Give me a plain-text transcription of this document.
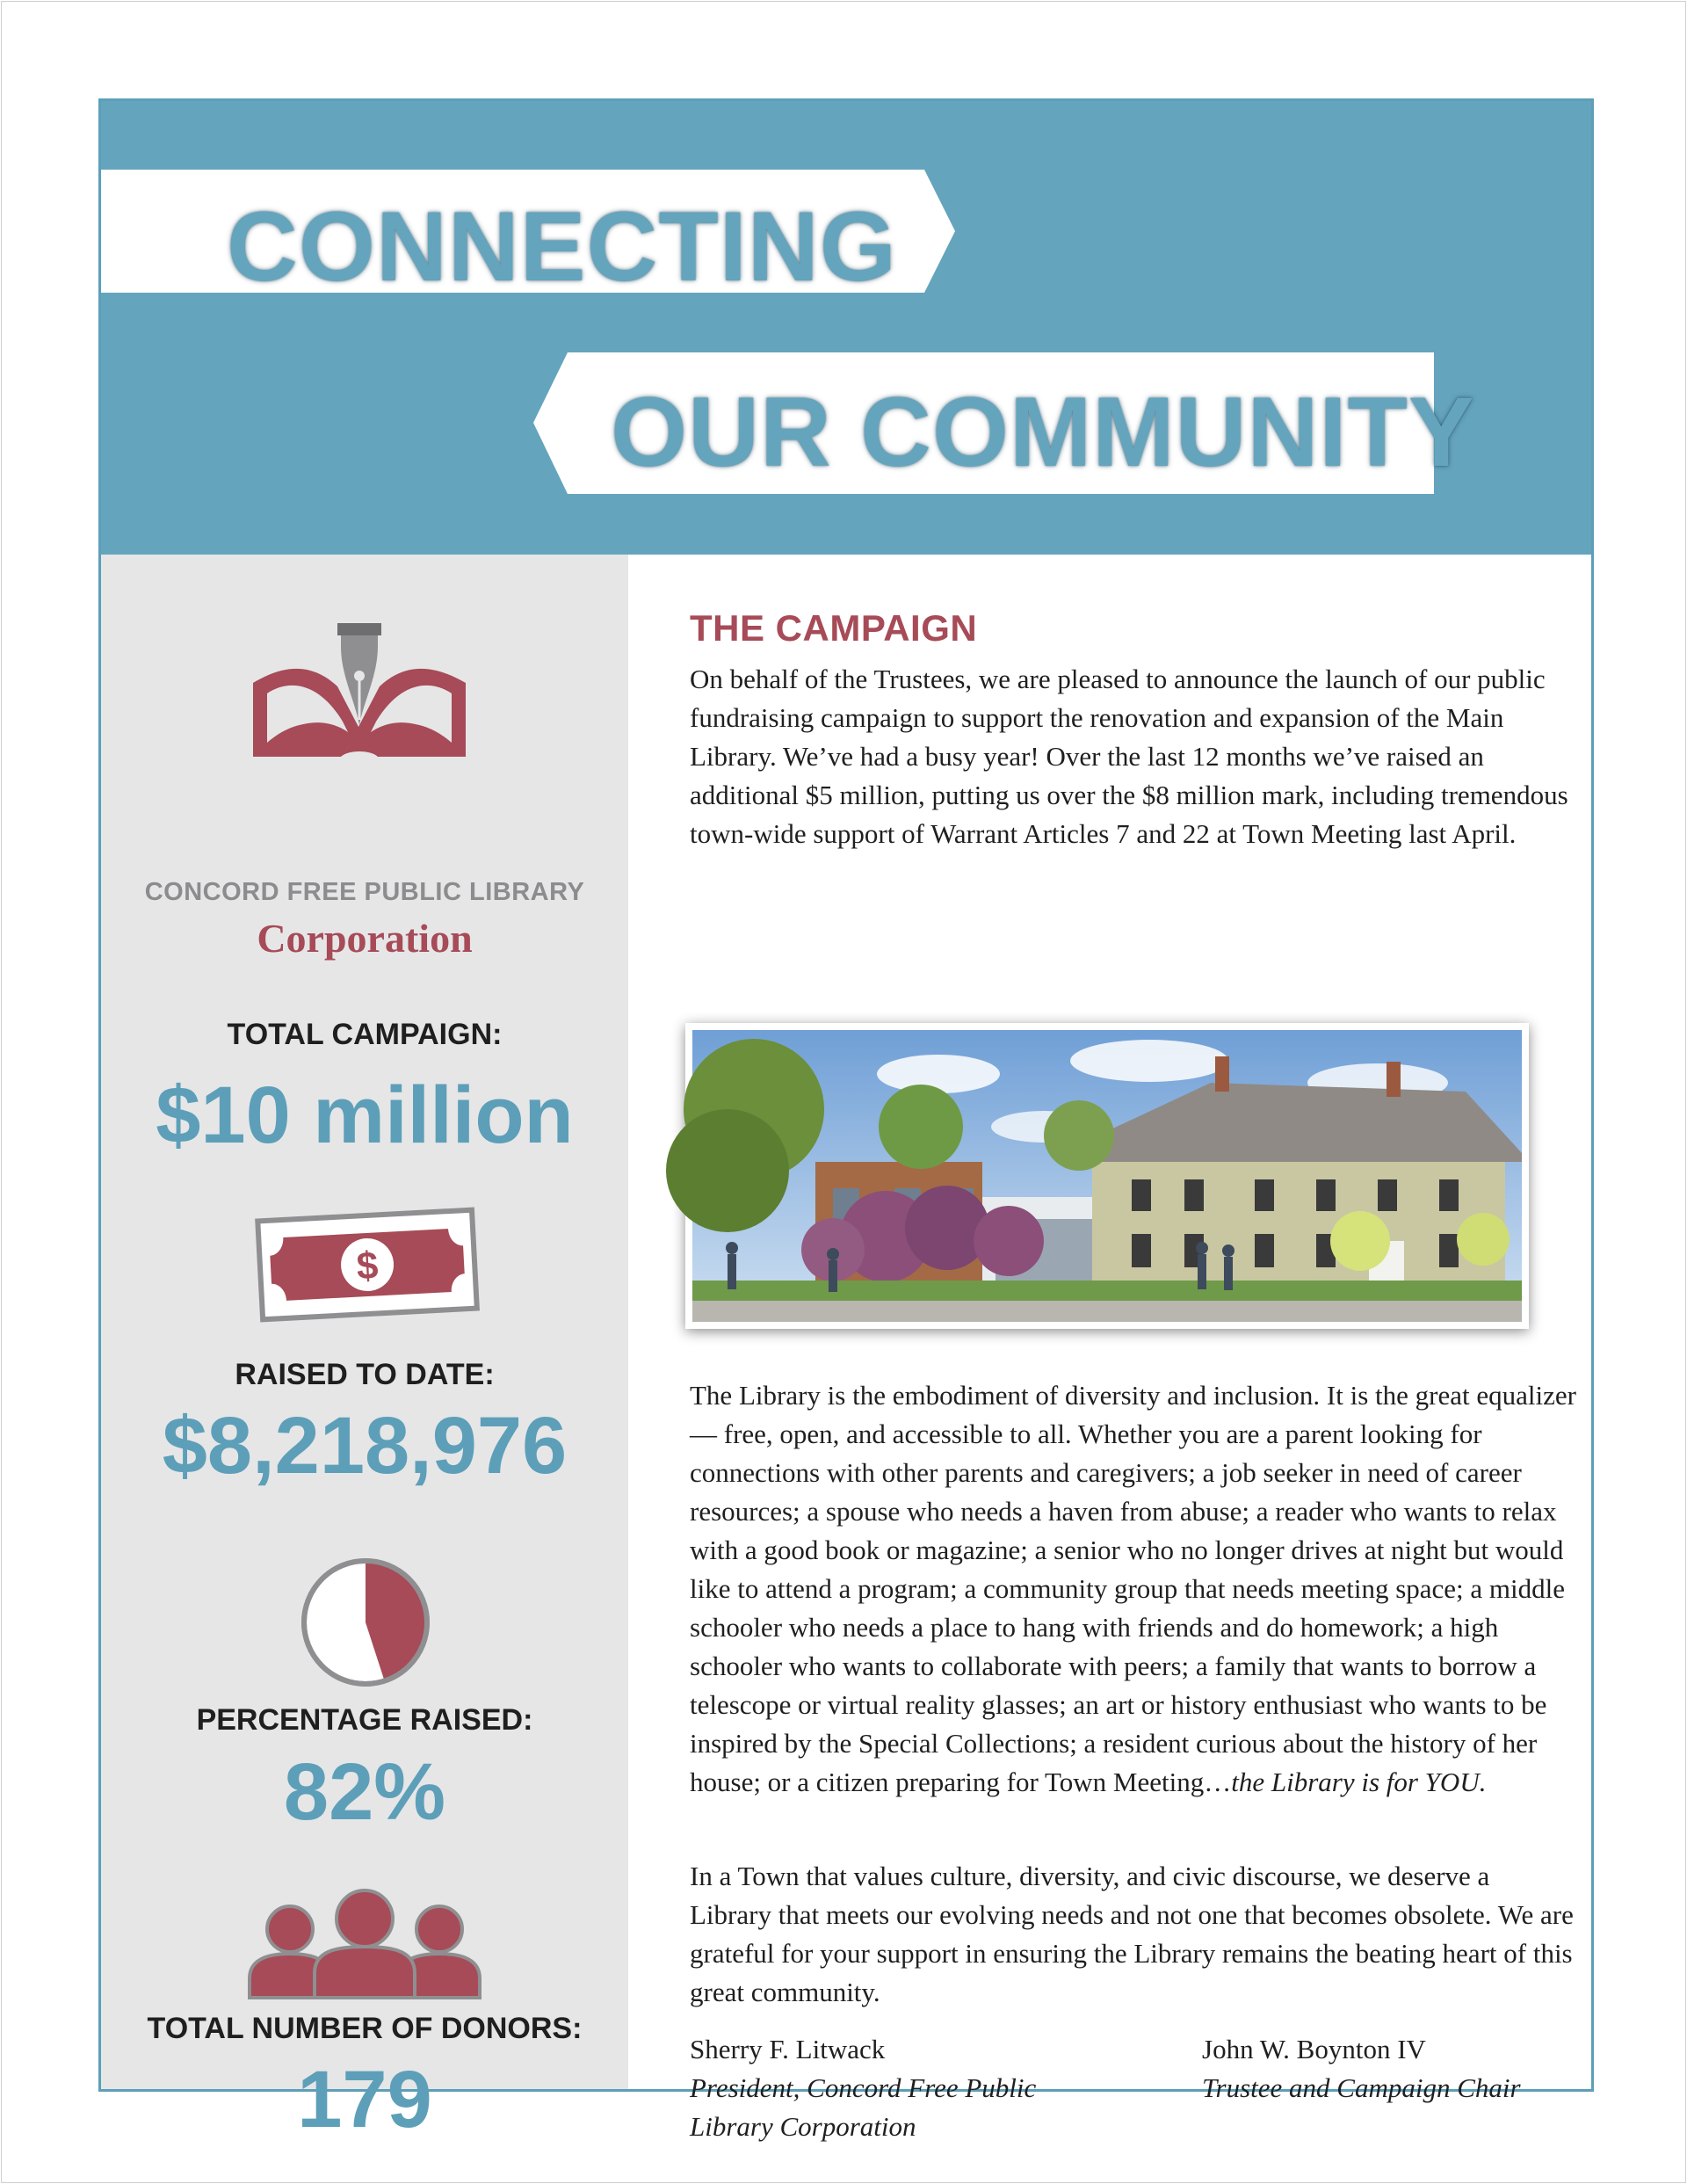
CONNECTING
OUR COMMUNITY
CONCORD FREE PUBLIC LIBRARY
Corporation
TOTAL CAMPAIGN:
$10 million
$
RAISED TO DATE:
$8,218,976
PERCENTAGE RAISED:
82%
TOTAL NUMBER OF DONORS:
179
THE CAMPAIGN

On behalf of the Trustees, we are pleased to announce the launch of our public fundraising campaign to support the renovation and expansion of the Main Library. We’ve had a busy year! Over the last 12 months we’ve raised an additional $5 million, putting us over the $8 million mark, including tremendous town-wide support of Warrant Articles 7 and 22 at Town Meeting last April.

The Library is the embodiment of diversity and inclusion. It is the great equalizer — free, open, and accessible to all. Whether you are a parent looking for connections with other parents and caregivers; a job seeker in need of career resources; a spouse who needs a haven from abuse; a reader who wants to relax with a good book or magazine; a senior who no longer drives at night but would like to attend a program; a community group that needs meeting space; a middle schooler who needs a place to hang with friends and do homework; a high schooler who wants to collaborate with peers; a family that wants to borrow a telescope or virtual reality glasses; an art or history enthusiast who wants to be inspired by the Special Collections; a resident curious about the history of her house; or a citizen preparing for Town Meeting…the Library is for YOU.

In a Town that values culture, diversity, and civic discourse, we deserve a Library that meets our evolving needs and not one that becomes obsolete. We are grateful for your support in ensuring the Library remains the beating heart of this great community.

Sherry F. Litwack
President, Concord Free Public Library Corporation
John W. Boynton IV
Trustee and Campaign Chair
